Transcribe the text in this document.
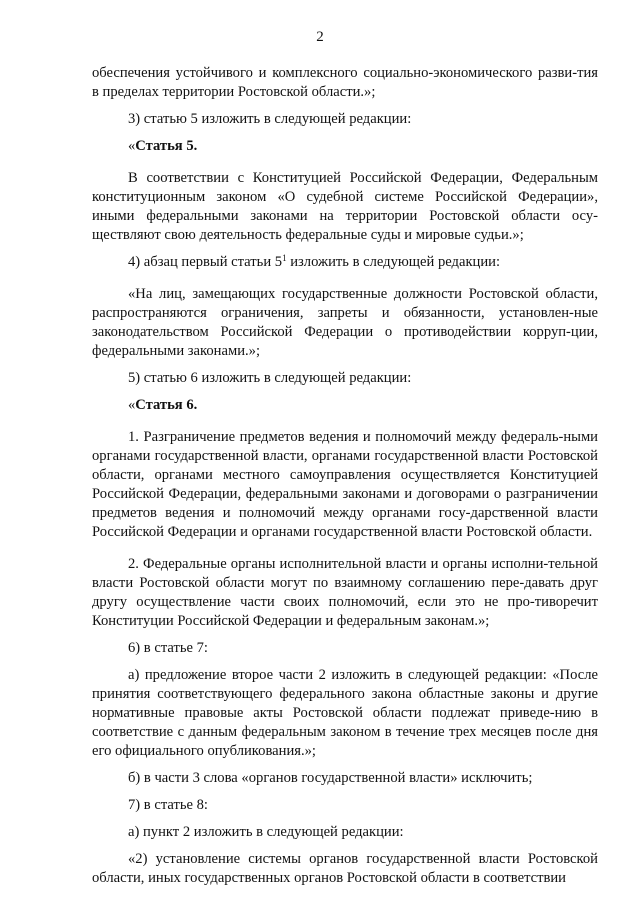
2

обеспечения устойчивого и комплексного социально-экономического разви-тия в пределах территории Ростовской области.»;

3) статью 5 изложить в следующей редакции:

«Статья 5.

В соответствии с Конституцией Российской Федерации, Федеральным конституционным законом «О судебной системе Российской Федерации», иными федеральными законами на территории Ростовской области осу-ществляют свою деятельность федеральные суды и мировые судьи.»;

4) абзац первый статьи $5^1$ изложить в следующей редакции:

«На лиц, замещающих государственные должности Ростовской области, распространяются ограничения, запреты и обязанности, установлен-ные законодательством Российской Федерации о противодействии корруп-ции, федеральными законами.»;

5) статью 6 изложить в следующей редакции:

«Статья 6.

1. Разграничение предметов ведения и полномочий между федераль-ными органами государственной власти, органами государственной власти Ростовской области, органами местного самоуправления осуществляется Конституцией Российской Федерации, федеральными законами и договорами о разграничении предметов ведения и полномочий между органами госу-дарственной власти Российской Федерации и органами государственной власти Ростовской области.

2. Федеральные органы исполнительной власти и органы исполни-тельной власти Ростовской области могут по взаимному соглашению пере-давать друг другу осуществление части своих полномочий, если это не про-тиворечит Конституции Российской Федерации и федеральным законам.»;

6) в статье 7:

а) предложение второе части 2 изложить в следующей редакции: «После принятия соответствующего федерального закона областные законы и другие нормативные правовые акты Ростовской области подлежат приведе-нию в соответствие с данным федеральным законом в течение трех месяцев после дня его официального опубликования.»;

б) в части 3 слова «органов государственной власти» исключить;

7) в статье 8:

а) пункт 2 изложить в следующей редакции:

«2) установление системы органов государственной власти Ростовской области, иных государственных органов Ростовской области в соответствии
